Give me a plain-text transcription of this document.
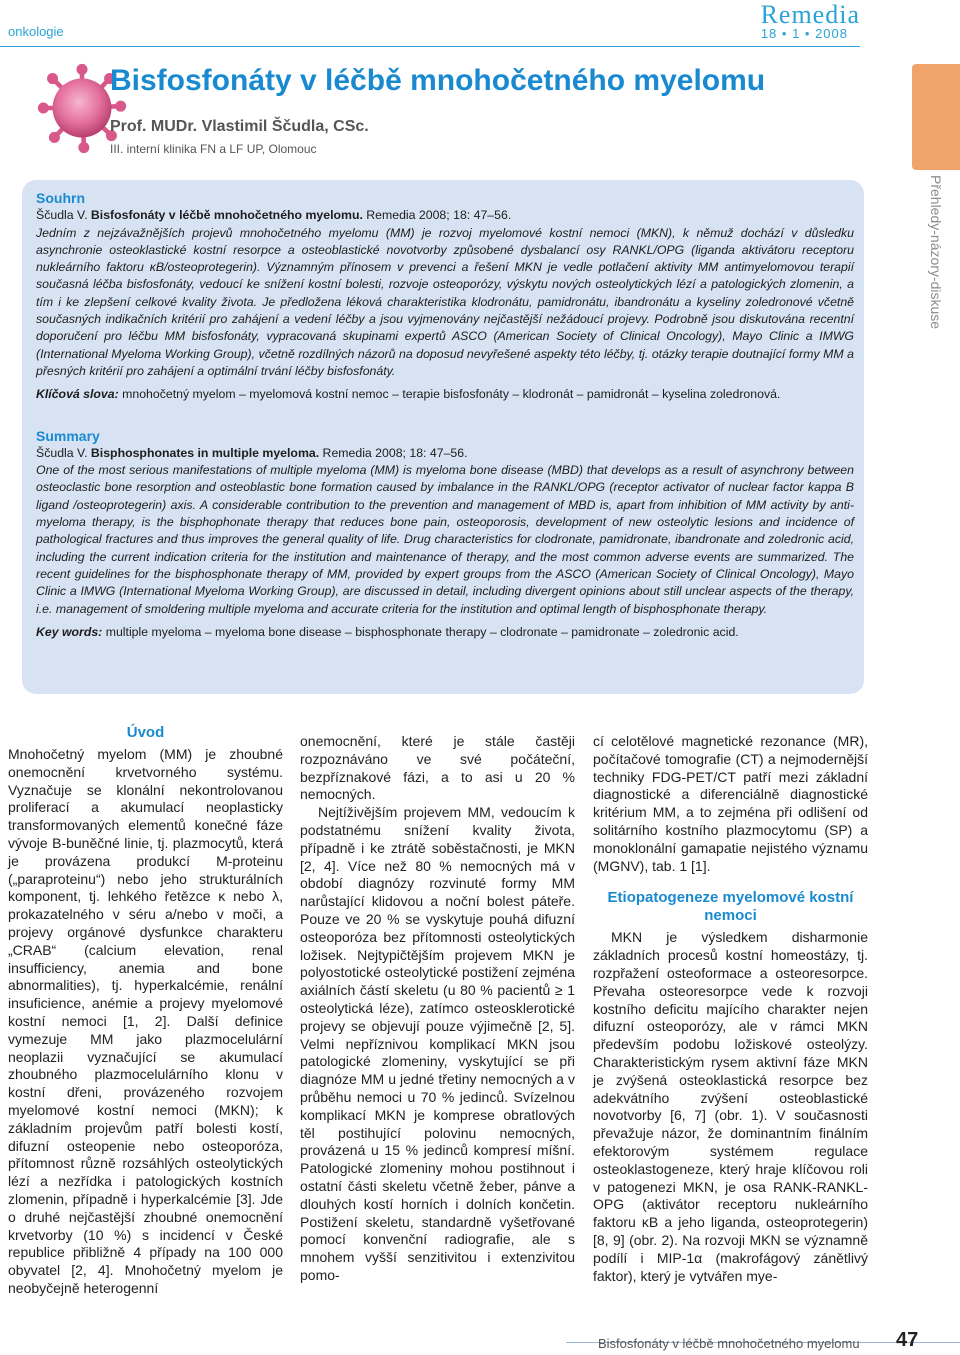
onkologie
Remedia
18 • 1 • 2008
Bisfosfonáty v léčbě mnohočetného myelomu
Prof. MUDr. Vlastimil Ščudla, CSc.
III. interní klinika FN a LF UP, Olomouc
Přehledy-názory-diskuse
Souhrn
Ščudla V. Bisfosfonáty v léčbě mnohočetného myelomu. Remedia 2008; 18: 47–56.
Jedním z nejzávažnějších projevů mnohočetného myelomu (MM) je rozvoj myelomové kostní nemoci (MKN), k němuž dochází v důsledku asynchronie osteoklastické kostní resorpce a osteoblastické novotvorby způsobené dysbalancí osy RANKL/OPG (liganda aktivátoru receptoru nukleárního faktoru κB/osteoprotegerin). Významným přínosem v prevenci a řešení MKN je vedle potlačení aktivity MM antimyelomovou terapií současná léčba bisfosfonáty, vedoucí ke snížení kostní bolesti, rozvoje osteoporózy, výskytu nových osteolytických lézí a patologických zlomenin, a tím i ke zlepšení celkové kvality života. Je předložena léková charakteristika klodronátu, pamidronátu, ibandronátu a kyseliny zoledronové včetně současných indikačních kritérií pro zahájení a vedení léčby a jsou vyjmenovány nejčastější nežádoucí projevy. Podrobně jsou diskutována recentní doporučení pro léčbu MM bisfosfonáty, vypracovaná skupinami expertů ASCO (American Society of Clinical Oncology), Mayo Clinic a IMWG (International Myeloma Working Group), včetně rozdílných názorů na doposud nevyřešené aspekty této léčby, tj. otázky terapie doutnající formy MM a přesných kritérií pro zahájení a optimální trvání léčby bisfosfonáty.
Klíčová slova: mnohočetný myelom – myelomová kostní nemoc – terapie bisfosfonáty – klodronát – pamidronát – kyselina zoledronová.
Summary
Ščudla V. Bisphosphonates in multiple myeloma. Remedia 2008; 18: 47–56.
One of the most serious manifestations of multiple myeloma (MM) is myeloma bone disease (MBD) that develops as a result of asynchrony between osteoclastic bone resorption and osteoblastic bone formation caused by imbalance in the RANKL/OPG (receptor activator of nuclear factor kappa B ligand /osteoprotegerin) axis. A considerable contribution to the prevention and management of MBD is, apart from inhibition of MM activity by anti-myeloma therapy, is the bisphophonate therapy that reduces bone pain, osteoporosis, development of new osteolytic lesions and incidence of pathological fractures and thus improves the general quality of life. Drug characteristics for clodronate, pamidronate, ibandronate and zoledronic acid, including the current indication criteria for the institution and maintenance of therapy, and the most common adverse events are summarized. The recent guidelines for the bisphosphonate therapy of MM, provided by expert groups from the ASCO (American Society of Clinical Oncology), Mayo Clinic a IMWG (International Myeloma Working Group), are discussed in detail, including divergent opinions about still unclear aspects of the therapy, i.e. management of smoldering multiple myeloma and accurate criteria for the institution and optimal length of bisphosphonate therapy.
Key words: multiple myeloma – myeloma bone disease – bisphosphonate therapy – clodronate – pamidronate – zoledronic acid.
Úvod

Mnohočetný myelom (MM) je zhoubné onemocnění krvetvorného systému. Vyznačuje se klonální nekontrolovanou proliferací a akumulací neoplasticky transformovaných elementů konečné fáze vývoje B-buněčné linie, tj. plazmocytů, která je provázena produkcí M-proteinu („paraproteinu“) nebo jeho strukturálních komponent, tj. lehkého řetězce κ nebo λ, prokazatelného v séru a/nebo v moči, a projevy orgánové dysfunkce charakteru „CRAB“ (calcium elevation, renal insufficiency, anemia and bone abnormalities), tj. hyperkalcémie, renální insuficience, anémie a projevy myelomové kostní nemoci [1, 2]. Další definice vymezuje MM jako plazmocelulární neoplazii vyznačující se akumulací zhoubného plazmocelulárního klonu v kostní dřeni, provázeného rozvojem myelomové kostní nemoci (MKN); k základním projevům patří bolesti kostí, difuzní osteopenie nebo osteoporóza, přítomnost různě rozsáhlých osteolytických lézí a nezřídka i patologických kostních zlomenin, případně i hyperkalcémie [3]. Jde o druhé nejčastější zhoubné onemocnění krvetvorby (10 %) s incidencí v České republice přibližně 4 případy na 100 000 obyvatel [2, 4]. Mnohočetný myelom je neobyčejně heterogenní

onemocnění, které je stále častěji rozpoznáváno ve své počáteční, bezpříznakové fázi, a to asi u 20 % nemocných.

Nejtíživějším projevem MM, vedoucím k podstatnému snížení kvality života, případně i ke ztrátě soběstačnosti, je MKN [2, 4]. Více než 80 % nemocných má v období diagnózy rozvinuté formy MM narůstající klidovou a noční bolest páteře. Pouze ve 20 % se vyskytuje pouhá difuzní osteoporóza bez přítomnosti osteolytických ložisek. Nejtypičtějším projevem MKN je polyostotické osteolytické postižení zejména axiálních částí skeletu (u 80 % pacientů ≥ 1 osteolytická léze), zatímco osteosklerotické projevy se objevují pouze výjimečně [2, 5]. Velmi nepříznivou komplikací MKN jsou patologické zlomeniny, vyskytující se při diagnóze MM u jedné třetiny nemocných a v průběhu nemoci u 70 % jedinců. Svízelnou komplikací MKN je komprese obratlových těl postihující polovinu nemocných, provázená u 15 % jedinců kompresí míšní. Patologické zlomeniny mohou postihnout i ostatní části skeletu včetně žeber, pánve a dlouhých kostí horních i dolních končetin. Postižení skeletu, standardně vyšetřované pomocí konvenční radiografie, ale s mnohem vyšší senzitivitou i extenzivitou pomo-

cí celotělové magnetické rezonance (MR), počítačové tomografie (CT) a nejmodernější techniky FDG-PET/CT patří mezi základní diagnostické a diferenciálně diagnostické kritérium MM, a to zejména při odlišení od solitárního kostního plazmocytomu (SP) a monoklonální gamapatie nejistého významu (MGNV), tab. 1 [1].

Etiopatogeneze myelomové kostní nemoci

MKN je výsledkem disharmonie základních procesů kostní homeostázy, tj. rozpřažení osteoformace a osteoresorpce. Převaha osteoresorpce vede k rozvoji kostního deficitu majícího charakter nejen difuzní osteoporózy, ale v rámci MKN především podobu ložiskové osteolýzy. Charakteristickým rysem aktivní fáze MKN je zvýšená osteoklastická resorpce bez adekvátního zvýšení osteoblastické novotvorby [6, 7] (obr. 1). V současnosti převažuje názor, že dominantním finálním efektorovým systémem regulace osteoklastogeneze, který hraje klíčovou roli v patogenezi MKN, je osa RANK-RANKL-OPG (aktivátor receptoru nukleárního faktoru κB a jeho liganda, osteoprotegerin) [8, 9] (obr. 2). Na rozvoji MKN se významně podílí i MIP-1α (makrofágový zánětlivý faktor), který je vytvářen mye-

Bisfosfonáty v léčbě mnohočetného myelomu 47
